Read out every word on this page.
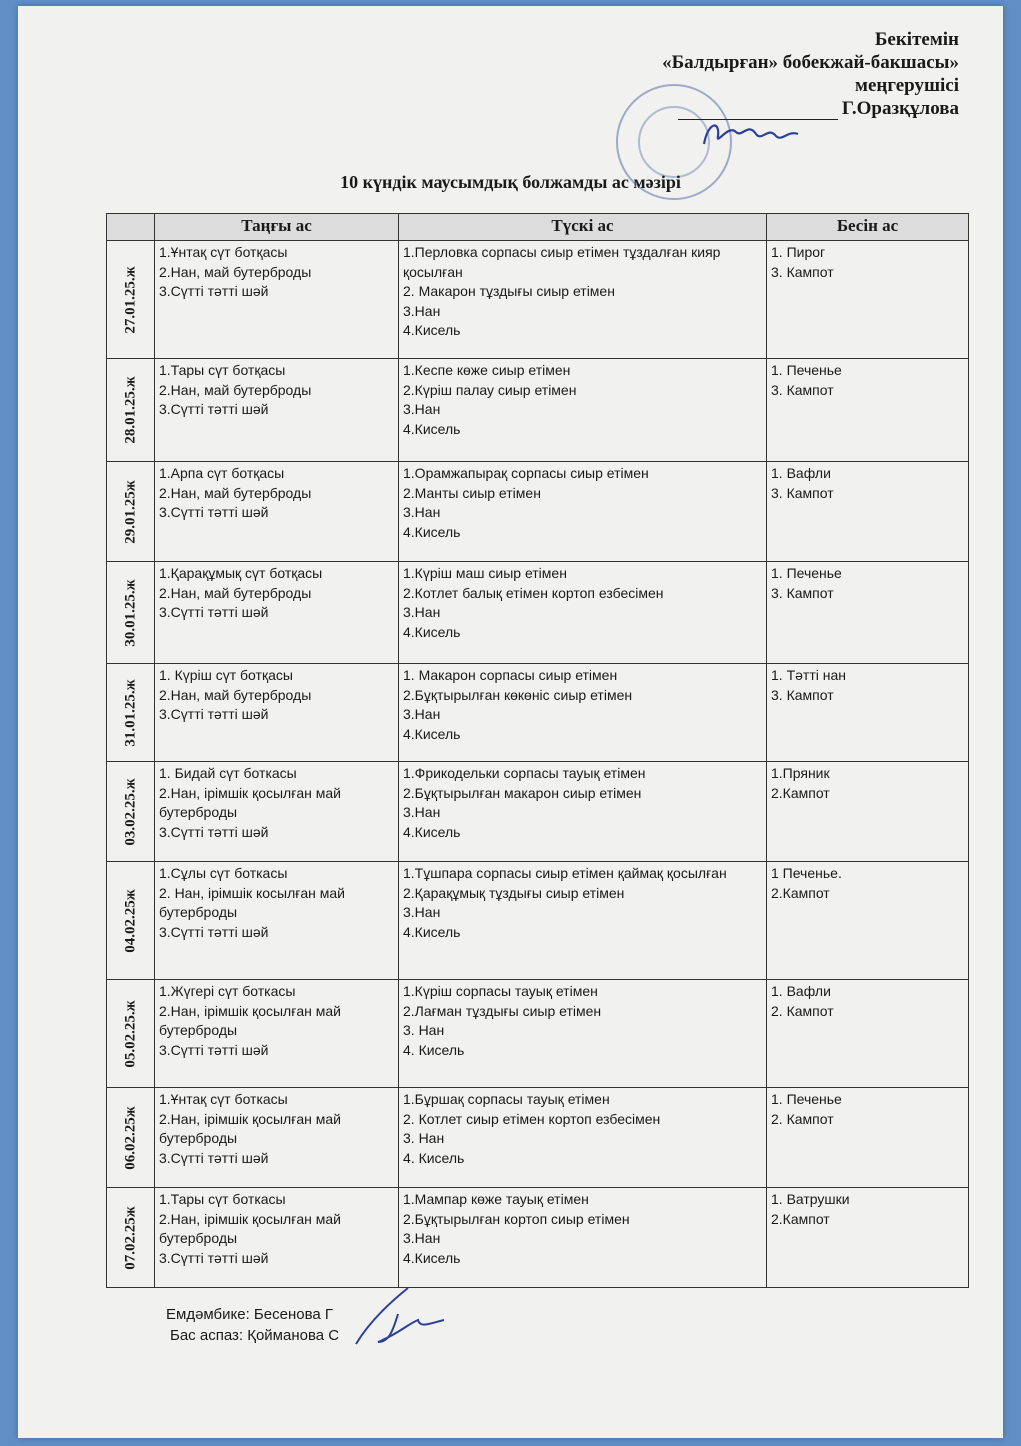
Бекітемін
«Балдырған» бобекжай-бакшасы»
меңгерушісі
Г.Оразқұлова
10 күндік маусымдық болжамды ас мәзірі
	Таңғы ас	Түскі ас	Бесін ас

27.01.25.ж	1.Ұнтақ сүт ботқасы
2.Нан, май бутерброды
3.Сүтті тәтті шәй	1.Перловка сорпасы сиыр етімен тұздалған кияр қосылған
2. Макарон тұздығы сиыр етімен
3.Нан
4.Кисель	1. Пирог
3. Кампот

28.01.25.ж	1.Тары сүт ботқасы
2.Нан, май бутерброды
3.Сүтті тәтті шәй	1.Кеспе көже сиыр етімен
2.Күріш палау сиыр етімен
3.Нан
4.Кисель	1. Печенье
3. Кампот

29.01.25ж	1.Арпа сүт ботқасы
2.Нан, май бутерброды
3.Сүтті тәтті шәй	1.Орамжапырақ сорпасы сиыр етімен
2.Манты сиыр етімен
3.Нан
4.Кисель	1. Вафли
3. Кампот

30.01.25.ж	1.Қарақұмық сүт ботқасы
2.Нан, май бутерброды
3.Сүтті тәтті шәй	1.Күріш маш сиыр етімен
2.Котлет балық етімен кортоп езбесімен
3.Нан
4.Кисель	1. Печенье
3. Кампот

31.01.25.ж	1. Күріш сүт ботқасы
2.Нан, май бутерброды
3.Сүтті тәтті шәй	1. Макарон сорпасы сиыр етімен
2.Бұқтырылған көкөніс сиыр етімен
3.Нан
4.Кисель	1. Тәтті нан
3. Кампот

03.02.25.ж	1. Бидай сүт боткасы
2.Нан, ірімшік қосылған май бутерброды
3.Сүтті тәтті шәй	1.Фрикодельки сорпасы тауық етімен
2.Бұқтырылған макарон сиыр етімен
3.Нан
4.Кисель	1.Пряник
2.Кампот

04.02.25ж	1.Сұлы сүт боткасы
2. Нан, ірімшік косылған май бутерброды
3.Сүтті тәтті шәй	1.Тұшпара сорпасы сиыр етімен қаймақ қосылған
2.Қарақұмық тұздығы сиыр етімен
3.Нан
4.Кисель	1 Печенье.
2.Кампот

05.02.25.ж	1.Жүгері сүт боткасы
2.Нан, ірімшік қосылған май бутерброды
3.Сүтті тәтті шәй	1.Күріш сорпасы тауық етімен
2.Лағман тұздығы сиыр етімен
3. Нан
4. Кисель	1. Вафли
2. Кампот

06.02.25ж	1.Ұнтақ сүт боткасы
2.Нан, ірімшік қосылған май бутерброды
3.Сүтті тәтті шәй	1.Бұршақ сорпасы тауық етімен
2. Котлет сиыр етімен кортоп езбесімен
3. Нан
4. Кисель	1. Печенье
2. Кампот

07.02.25ж	1.Тары сүт боткасы
2.Нан, ірімшік қосылған май бутерброды
3.Сүтті тәтті шәй	1.Мампар көже тауық етімен
2.Бұқтырылған кортоп сиыр етімен
3.Нан
4.Кисель	1. Ватрушки
2.Кампот
Емдәмбике: Бесенова Г
Бас аспаз: Қойманова С
